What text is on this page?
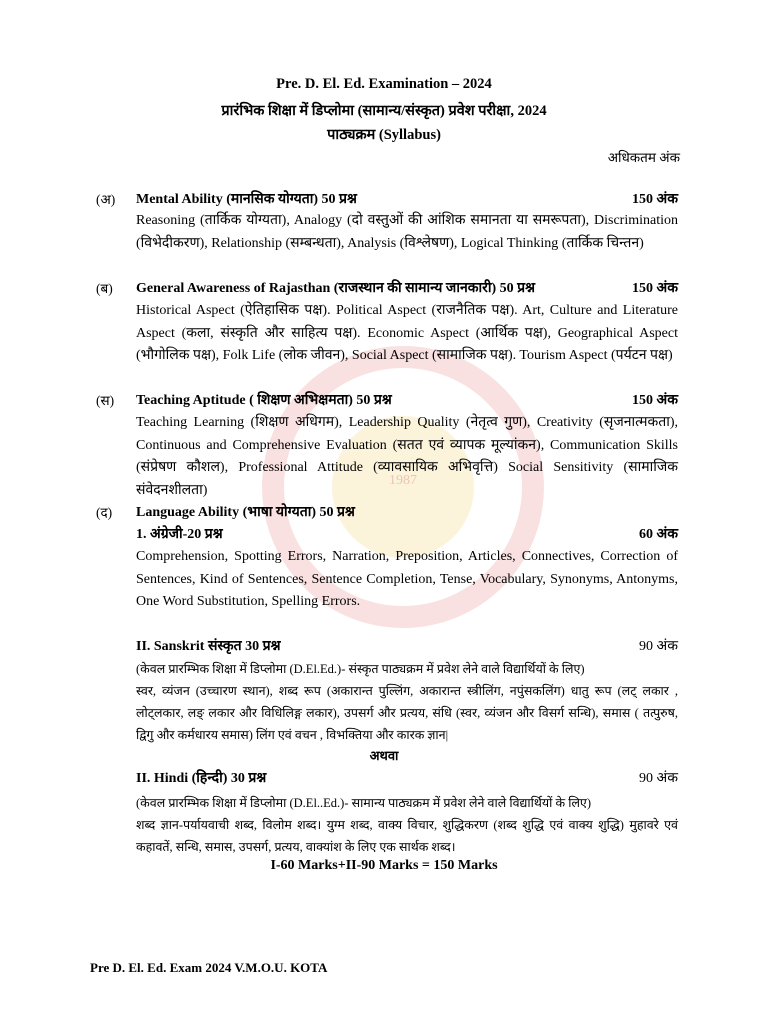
1987
Pre. D. El. Ed. Examination – 2024
प्रारंभिक शिक्षा में डिप्लोमा (सामान्य/संस्कृत) प्रवेश परीक्षा, 2024
पाठ्यक्रम (Syllabus)
अधिकतम अंक
(अ) Mental Ability (मानसिक योग्यता) 50 प्रश्न	150 अंक
Reasoning (तार्किक योग्यता), Analogy (दो वस्तुओं की आंशिक समानता या समरूपता), Discrimination (विभेदीकरण), Relationship (सम्बन्धता), Analysis (विश्लेषण), Logical Thinking (तार्किक चिन्तन)
(ब) General Awareness of Rajasthan (राजस्थान की सामान्य जानकारी) 50 प्रश्न	150 अंक
Historical Aspect (ऐतिहासिक पक्ष). Political Aspect (राजनैतिक पक्ष). Art, Culture and Literature Aspect (कला, संस्कृति और साहित्य पक्ष). Economic Aspect (आर्थिक पक्ष), Geographical Aspect (भौगोलिक पक्ष), Folk Life (लोक जीवन), Social Aspect (सामाजिक पक्ष). Tourism Aspect (पर्यटन पक्ष)
(स) Teaching Aptitude ( शिक्षण अभिक्षमता) 50 प्रश्न	150 अंक
Teaching Learning (शिक्षण अधिगम), Leadership Quality (नेतृत्व गुण), Creativity (सृजनात्मकता), Continuous and Comprehensive Evaluation (सतत एवं व्यापक मूल्यांकन), Communication Skills (संप्रेषण कौशल), Professional Attitude (व्यावसायिक अभिवृत्ति) Social Sensitivity (सामाजिक संवेदनशीलता)
(द) Language Ability (भाषा योग्यता) 50 प्रश्न
1. अंग्रेजी-20 प्रश्न	60 अंक
Comprehension, Spotting Errors, Narration, Preposition, Articles, Connectives, Correction of Sentences, Kind of Sentences, Sentence Completion, Tense, Vocabulary, Synonyms, Antonyms, One Word Substitution, Spelling Errors.
II. Sanskrit संस्कृत 30 प्रश्न	90 अंक
(केवल प्रारम्भिक शिक्षा में डिप्लोमा (D.El.Ed.)- संस्कृत पाठ्यक्रम में प्रवेश लेने वाले विद्यार्थियों के लिए)
स्वर, व्यंजन (उच्चारण स्थान), शब्द रूप (अकारान्त पुल्लिंग, अकारान्त स्त्रीलिंग, नपुंसकलिंग) धातु रूप (लट् लकार , लोट्लकार, लङ् लकार और विधिलिङ्ग लकार), उपसर्ग और प्रत्यय, संधि (स्वर, व्यंजन और विसर्ग सन्धि), समास ( तत्पुरुष, द्विगु और कर्मधारय समास) लिंग एवं वचन , विभक्तिया और कारक ज्ञान|
अथवा
II. Hindi (हिन्दी) 30 प्रश्न	90 अंक
(केवल प्रारम्भिक शिक्षा में डिप्लोमा (D.El..Ed.)- सामान्य पाठ्यक्रम में प्रवेश लेने वाले विद्यार्थियों के लिए)
शब्द ज्ञान-पर्यायवाची शब्द, विलोम शब्द। युग्म शब्द, वाक्य विचार, शुद्धिकरण (शब्द शुद्धि एवं वाक्य शुद्धि) मुहावरे एवं कहावतें, सन्धि, समास, उपसर्ग, प्रत्यय, वाक्यांश के लिए एक सार्थक शब्द।
I-60 Marks+II-90 Marks = 150 Marks
Pre D. El. Ed. Exam 2024 V.M.O.U. KOTA
